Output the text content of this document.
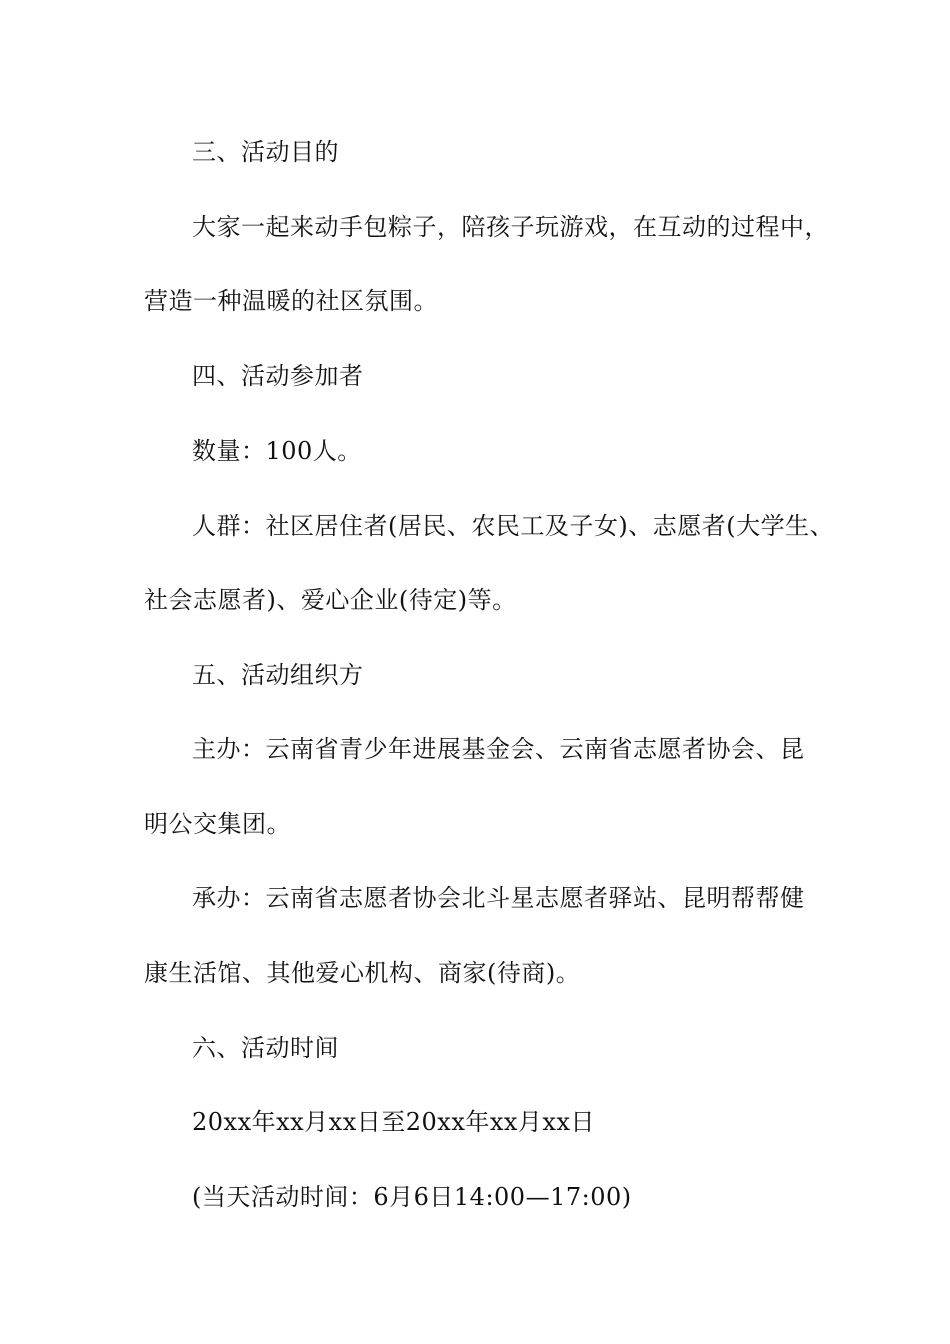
三、活动目的
大家一起来动手包粽子，陪孩子玩游戏，在互动的过程中，
营造一种温暖的社区氛围。
四、活动参加者
数量：100人。
人群：社区居住者(居民、农民工及子女)、志愿者(大学生、
社会志愿者)、爱心企业(待定)等。
五、活动组织方
主办：云南省青少年进展基金会、云南省志愿者协会、昆
明公交集团。
承办：云南省志愿者协会北斗星志愿者驿站、昆明帮帮健
康生活馆、其他爱心机构、商家(待商)。
六、活动时间
20xx年xx月xx日至20xx年xx月xx日
(当天活动时间：6月6日14:00—17:00)
